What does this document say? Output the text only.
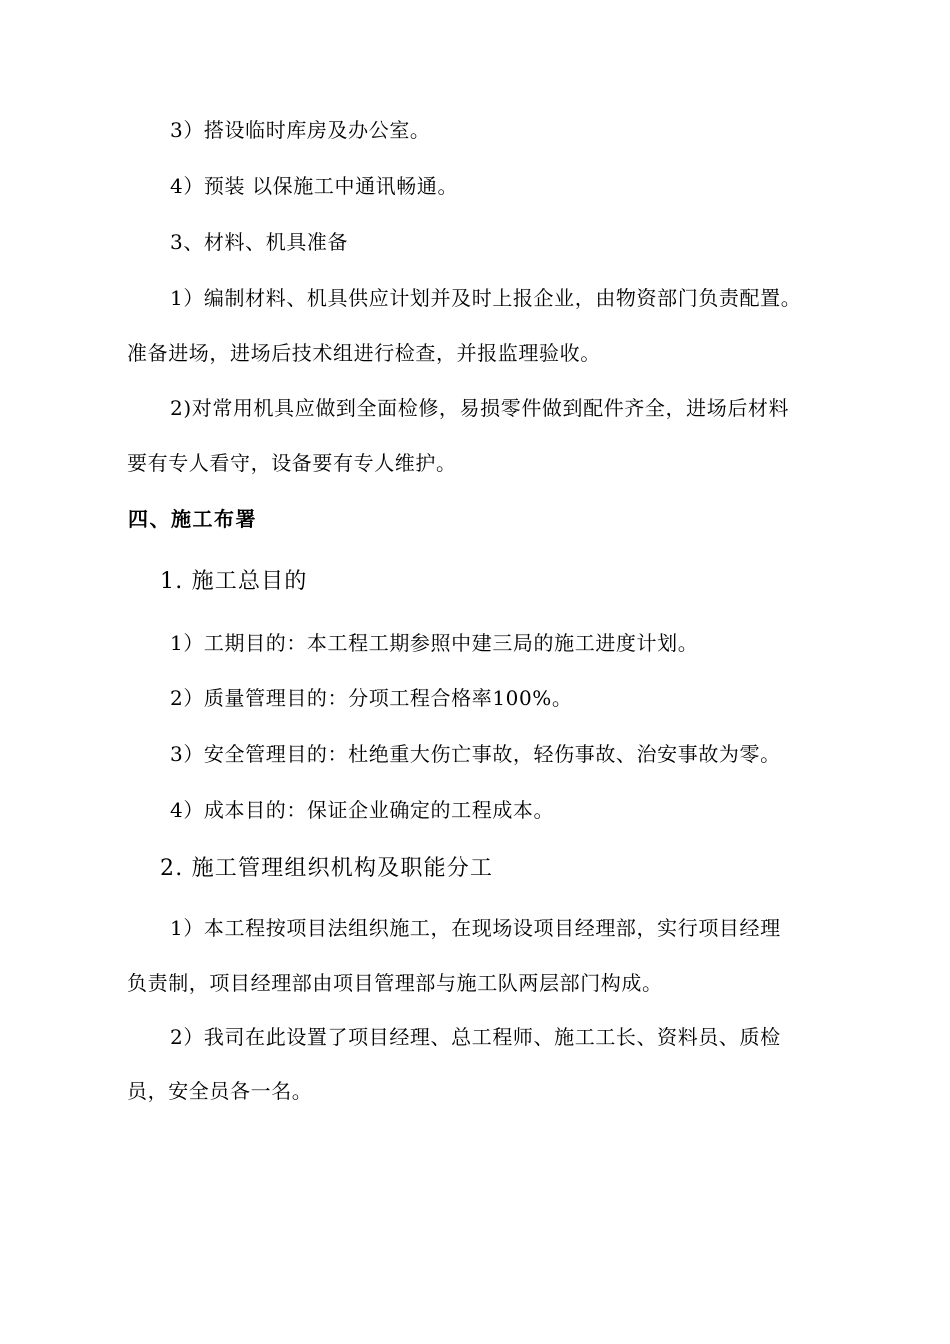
3）搭设临时库房及办公室。
4）预装 以保施工中通讯畅通。
3、材料、机具准备
1）编制材料、机具供应计划并及时上报企业，由物资部门负责配置。
准备进场，进场后技术组进行检查，并报监理验收。
2)对常用机具应做到全面检修，易损零件做到配件齐全，进场后材料
要有专人看守，设备要有专人维护。
四、施工布署
1. 施工总目的
1）工期目的：本工程工期参照中建三局的施工进度计划。
2）质量管理目的：分项工程合格率100%。
3）安全管理目的：杜绝重大伤亡事故，轻伤事故、治安事故为零。
4）成本目的：保证企业确定的工程成本。
2. 施工管理组织机构及职能分工
1）本工程按项目法组织施工，在现场设项目经理部，实行项目经理
负责制，项目经理部由项目管理部与施工队两层部门构成。
2）我司在此设置了项目经理、总工程师、施工工长、资料员、质检
员，安全员各一名。
